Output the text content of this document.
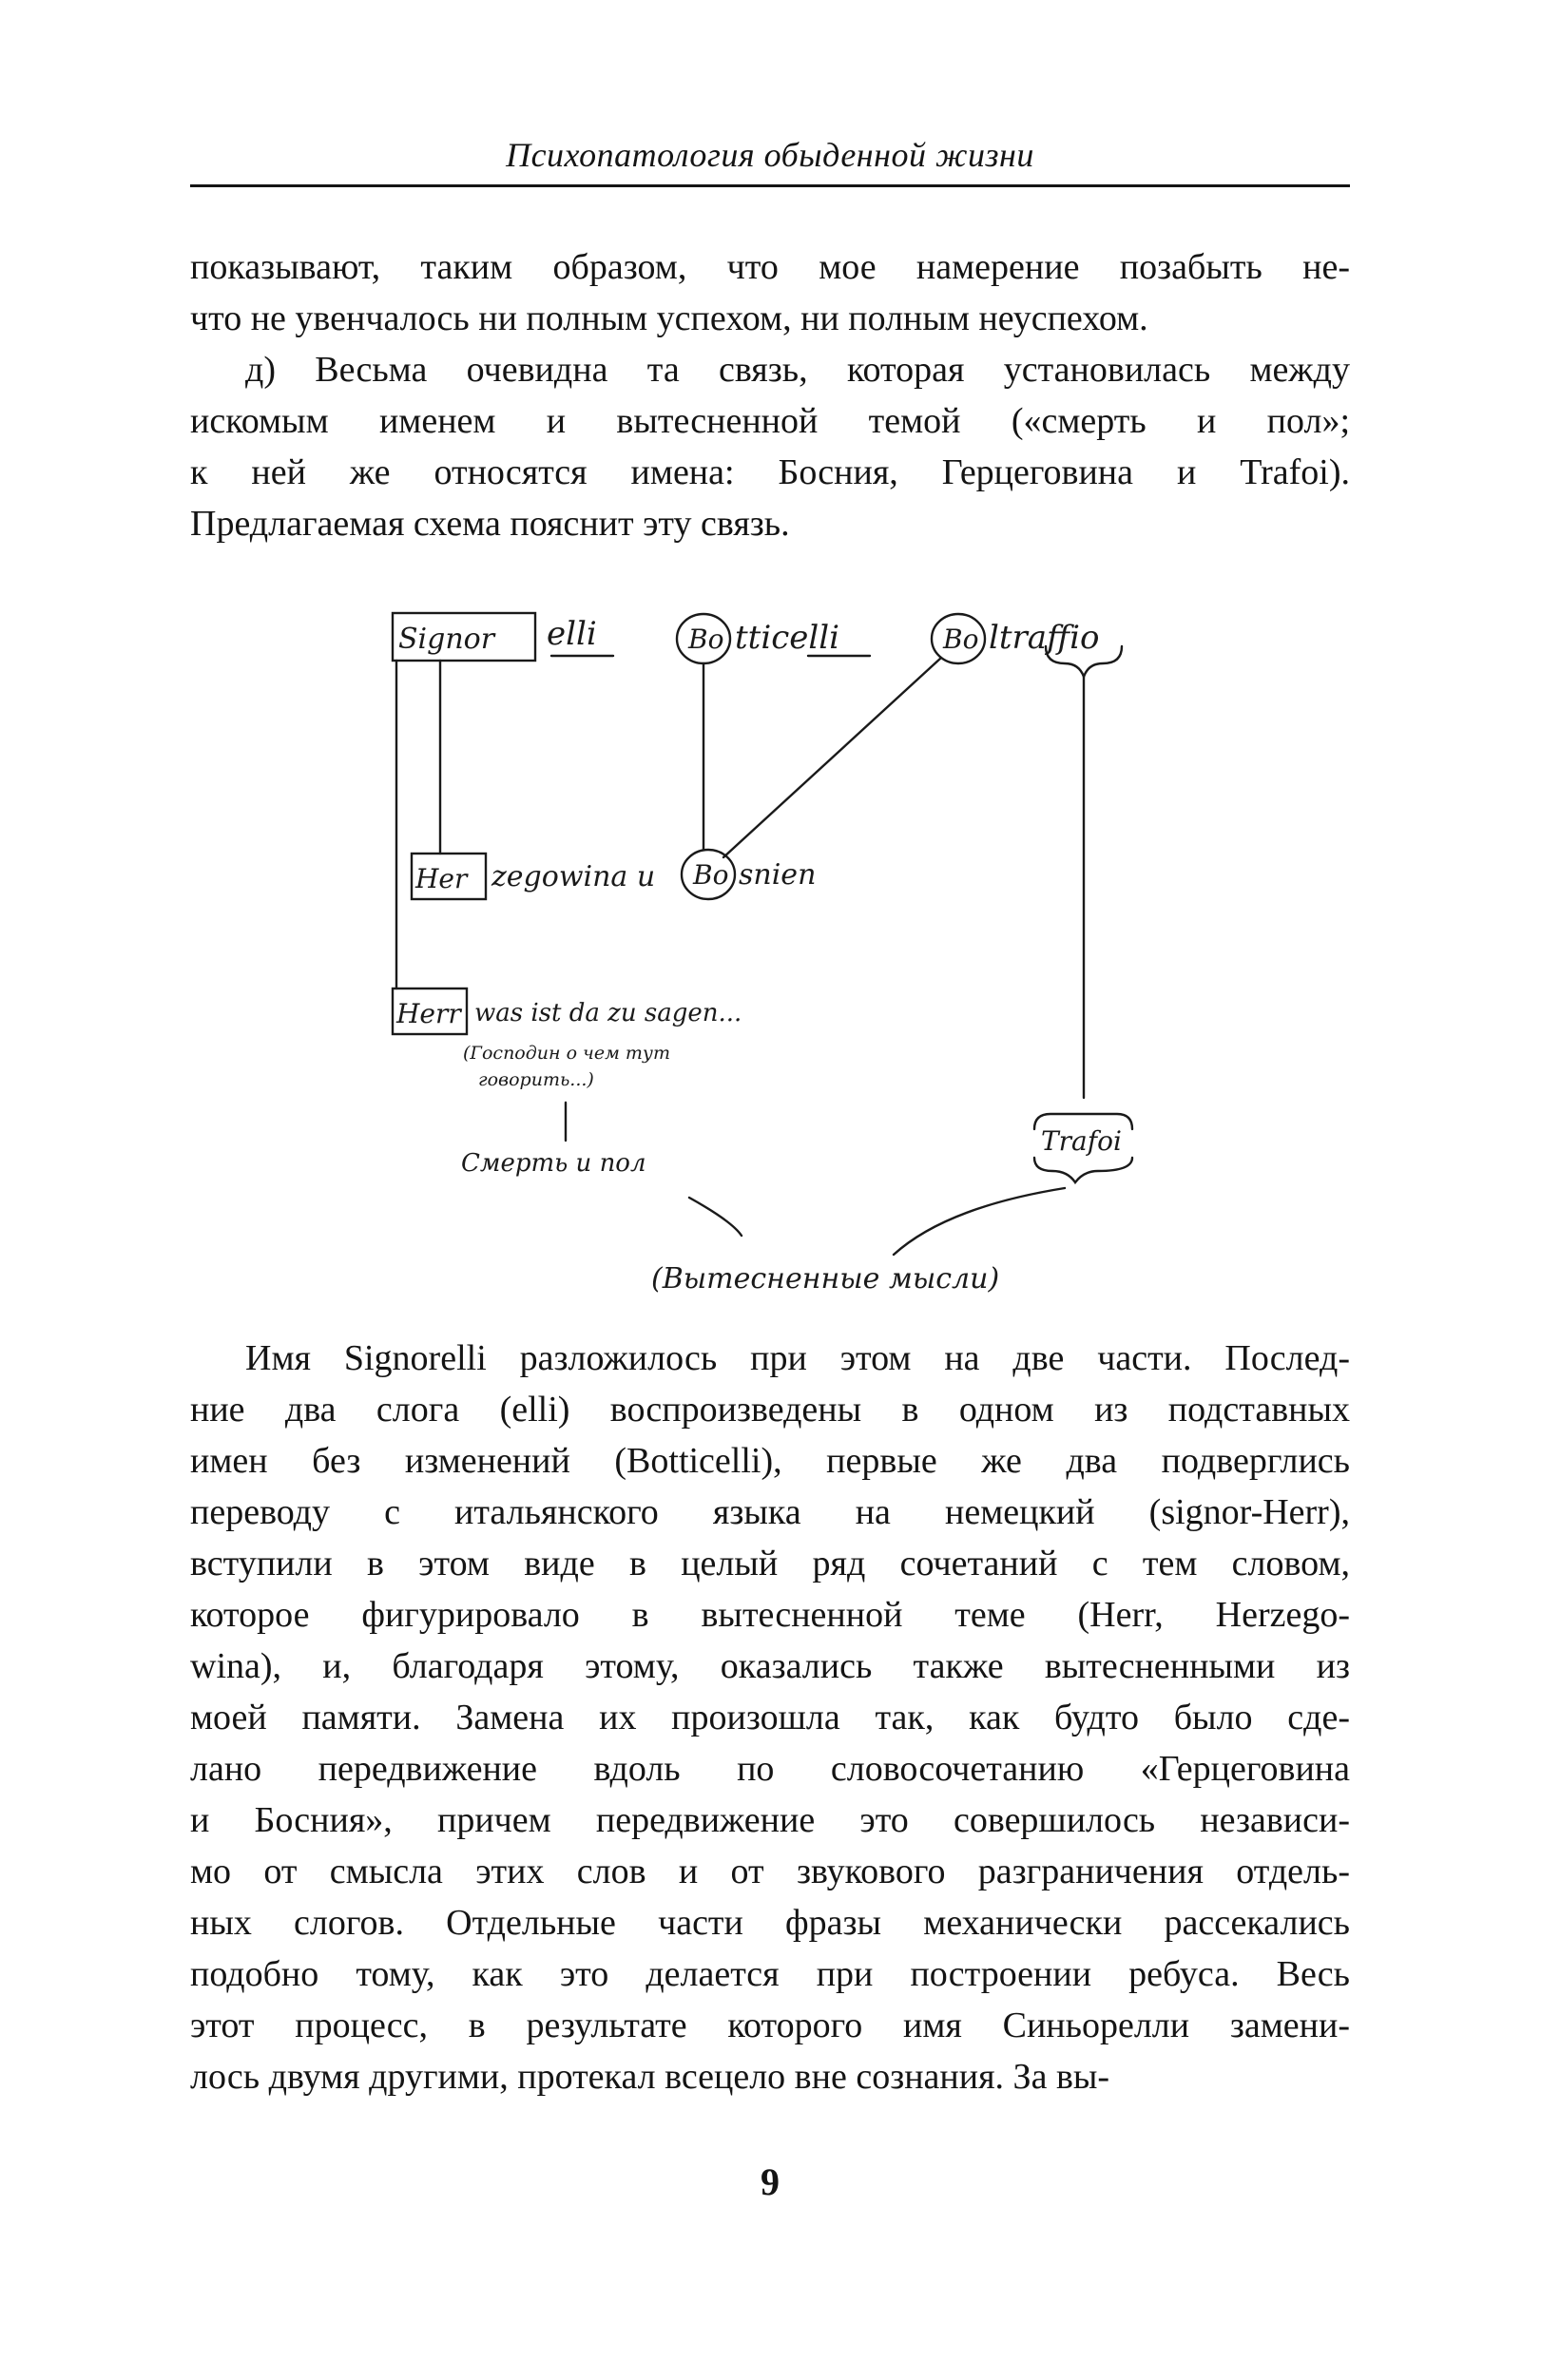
Психопатология обыденной жизни
показывают, таким образом, что мое намерение позабыть не-
что не увенчалось ни полным успехом, ни полным неуспехом.
д) Весьма очевидна та связь, которая установилась между
искомым именем и вытесненной темой («смерть и пол»;
к ней же относятся имена: Босния, Герцеговина и Trafoi).
Предлагаемая схема пояснит эту связь.
Signor elli	Bo tticelli	Bo ltraffio
Her zegowina u Bo snien
Herr was ist da zu sagen...
(Господин о чем тут
говорить...)
Смерть и пол
Trafoi
(Вытесненные мысли)
Имя Signorelli разложилось при этом на две части. Послед-
ние два слога (elli) воспроизведены в одном из подставных
имен без изменений (Botticelli), первые же два подверглись
переводу с итальянского языка на немецкий (signor-Herr),
вступили в этом виде в целый ряд сочетаний с тем словом,
которое фигурировало в вытесненной теме (Herr, Herzego-
wina), и, благодаря этому, оказались также вытесненными из
моей памяти. Замена их произошла так, как будто было сде-
лано передвижение вдоль по словосочетанию «Герцеговина
и Босния», причем передвижение это совершилось независи-
мо от смысла этих слов и от звукового разграничения отдель-
ных слогов. Отдельные части фразы механически рассекались
подобно тому, как это делается при построении ребуса. Весь
этот процесс, в результате которого имя Синьорелли замени-
лось двумя другими, протекал всецело вне сознания. За вы-
9
